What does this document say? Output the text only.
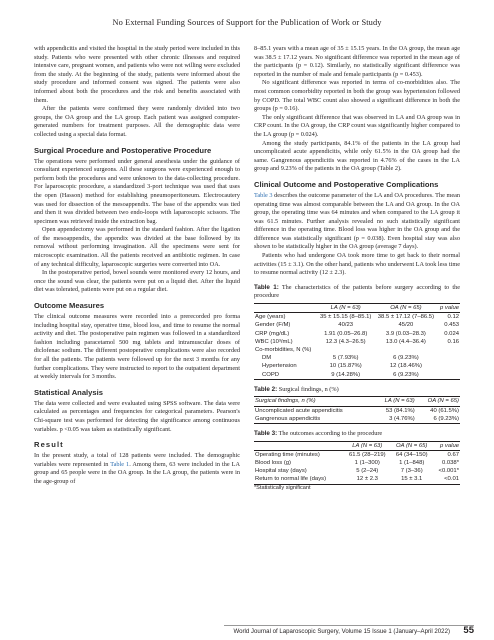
No External Funding Sources of Support for the Publication of Work or Study

with appendicitis and visited the hospital in the study period were included in this study. Patients who were presented with other chronic illnesses and required intensive care, pregnant women, and patients who were not willing were excluded from the study. At the beginning of the study, patients were informed about the study procedure and informed consent was signed. The patients were also informed about both the procedures and the risk and benefits associated with them.

After the patients were confirmed they were randomly divided into two groups, the OA group and the LA group. Each patient was assigned computer-generated numbers for treatment purposes. All the demographic data were collected using a special data format.

Surgical Procedure and Postoperative Procedure

The operations were performed under general anesthesia under the guidance of consultant experienced surgeons. All these surgeons were experienced enough to perform both the procedures and were unknown to the data-collecting procedure. For laparoscopic procedure, a standardized 3-port technique was used that uses the open (Hasson) method for establishing pneumoperitoneum. Electrocautery was used for dissection of the mesoappendix. The base of the appendix was tied and then it was divided between two endo-loops with laparoscopic scissors. The specimen was retrieved inside the extraction bag.

Open appendectomy was performed in the standard fashion. After the ligation of the mesoappendix, the appendix was divided at the base followed by its removal without performing invagination. All the specimens were sent for microscopic examination. All the patients received an antibiotic regimen. In case of any technical difficulty, laparoscopic surgeries were converted into OA.

In the postoperative period, bowel sounds were monitored every 12 hours, and once the sound was clear, the patients were put on a liquid diet. After the liquid diet was tolerated, patients were put on a regular diet.

Outcome Measures

The clinical outcome measures were recorded into a prerecorded pro forma including hospital stay, operative time, blood loss, and time to resume the normal activity and diet. The postoperative pain regimen was followed in a standardized fashion including paracetamol 500 mg tablets and intramuscular doses of diclofenac sodium. The different postoperative complications were also recorded for all the patients. The patients were followed up for the next 3 months for any further complications. They were instructed to report to the outpatient department at weekly intervals for 3 months.

Statistical Analysis

The data were collected and were evaluated using SPSS software. The data were calculated as percentages and frequencies for categorical parameters. Pearson's Chi-square test was performed for detecting the significance among continuous variables. p <0.05 was taken as statistically significant.

Result

In the present study, a total of 128 patients were included. The demographic variables were represented in Table 1. Among them, 63 were included in the LA group and 65 people were in the OA group. In the LA group, the patients were in the age-group of

8–85.1 years with a mean age of 35 ± 15.15 years. In the OA group, the mean age was 38.5 ± 17.12 years. No significant difference was reported in the mean age of the participants (p = 0.12). Similarly, no statistically significant difference was reported in the number of male and female participants (p = 0.453).

No significant difference was reported in terms of co-morbidities also. The most common comorbidity reported in both the group was hypertension followed by COPD. The total WBC count also showed a significant difference in both the groups (p = 0.16).

The only significant difference that was observed in LA and OA group was in CRP count. In the OA group, the CRP count was significantly higher compared to the LA group (p = 0.024).

Among the study participants, 84.1% of the patients in the LA group had uncomplicated acute appendicitis, while only 61.5% in the OA group had the same. Gangrenous appendicitis was reported in 4.76% of the cases in the LA group and 9.23% of the patients in the OA group (Table 2).

Clinical Outcome and Postoperative Complications

Table 3 describes the outcome parameter of the LA and OA procedures. The mean operating time was almost comparable between the LA and OA group. In the OA group, the operating time was 64 minutes and when compared to the LA group it was 61.5 minutes. Further analysis revealed no such statistically significant difference in the operating time. Blood loss was higher in the OA group and the difference was statistically significant (p = 0.038). Even hospital stay was also shown to be statistically higher in the OA group (average 7 days).

Patients who had undergone OA took more time to get back to their normal activities (15 ± 3.1). On the other hand, patients who underwent LA took less time to resume normal activity (12 ± 2.3).

Table 1: The characteristics of the patients before surgery according to the procedure
	LA (N = 63)	OA (N = 65)	p value
Age (years)	35 ± 15.15 (8–85.1)	38.5 ± 17.12 (7–86.5)	0.12
Gender (F/M)	40/23	45/20	0.453
CRP (mg/dL)	1.91 (0.05–26.8)	3.9 (0.03–28.3)	0.024
WBC (10³/mL)	12.3 (4.3–26.5)	13.0 (4.4–36.4)	0.16
Co-morbidities, N (%)			
DM	5 (7.93%)	6 (9.23%)	
Hypertension	10 (15.87%)	12 (18.46%)	
COPD	9 (14.28%)	6 (9.23%)	
Table 2: Surgical findings, n (%)
Surgical findings, n (%)	LA (N = 63)	OA (N = 65)
Uncomplicated acute appendicitis	53 (84.1%)	40 (61.5%)
Gangrenous appendicitis	3 (4.76%)	6 (9.23%)
Table 3: The outcomes according to the procedure
	LA (N = 63)	OA (N = 65)	p value
Operating time (minutes)	61.5 (28–219)	64 (34–150)	0.67
Blood loss (g)	1 (1–300)	1 (1–848)	0.038*
Hospital stay (days)	5 (2–24)	7 (3–36)	<0.001*
Return to normal life (days)	12 ± 2.3	15 ± 3.1	<0.01
*Statistically significant
World Journal of Laparoscopic Surgery, Volume 15 Issue 1 (January–April 2022) 55
